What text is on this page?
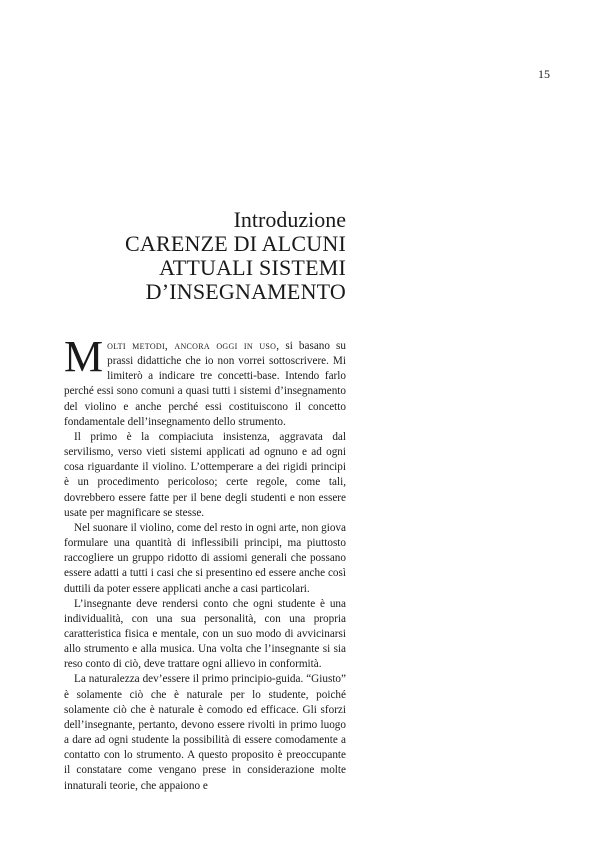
15
Introduzione
CARENZE DI ALCUNI
ATTUALI SISTEMI
D’INSEGNAMENTO

Molti metodi, ancora oggi in uso, si basano su prassi didattiche che io non vorrei sottoscrivere. Mi limiterò a indicare tre concetti-base. Intendo farlo perché essi sono comuni a quasi tutti i sistemi d’insegnamento del violino e anche perché essi costituiscono il concetto fondamentale dell’insegnamento dello strumento.

Il primo è la compiaciuta insistenza, aggravata dal servilismo, verso vieti sistemi applicati ad ognuno e ad ogni cosa riguardante il violino. L’ottemperare a dei rigidi principi è un procedimento pericoloso; certe regole, come tali, dovrebbero essere fatte per il bene degli studenti e non essere usate per magnificare se stesse.

Nel suonare il violino, come del resto in ogni arte, non giova formulare una quantità di inflessibili principi, ma piuttosto raccogliere un gruppo ridotto di assiomi generali che possano essere adatti a tutti i casi che si presentino ed essere anche così duttili da poter essere applicati anche a casi particolari.

L’insegnante deve rendersi conto che ogni studente è una individualità, con una sua personalità, con una propria caratteristica fisica e mentale, con un suo modo di avvicinarsi allo strumento e alla musica. Una volta che l’insegnante si sia reso conto di ciò, deve trattare ogni allievo in conformità.

La naturalezza dev’essere il primo principio-guida. “Giusto” è solamente ciò che è naturale per lo studente, poiché solamente ciò che è naturale è comodo ed efficace. Gli sforzi dell’insegnante, pertanto, devono essere rivolti in primo luogo a dare ad ogni studente la possibilità di essere comodamente a contatto con lo strumento. A questo proposito è preoccupante il constatare come vengano prese in considerazione molte innaturali teorie, che appaiono e
